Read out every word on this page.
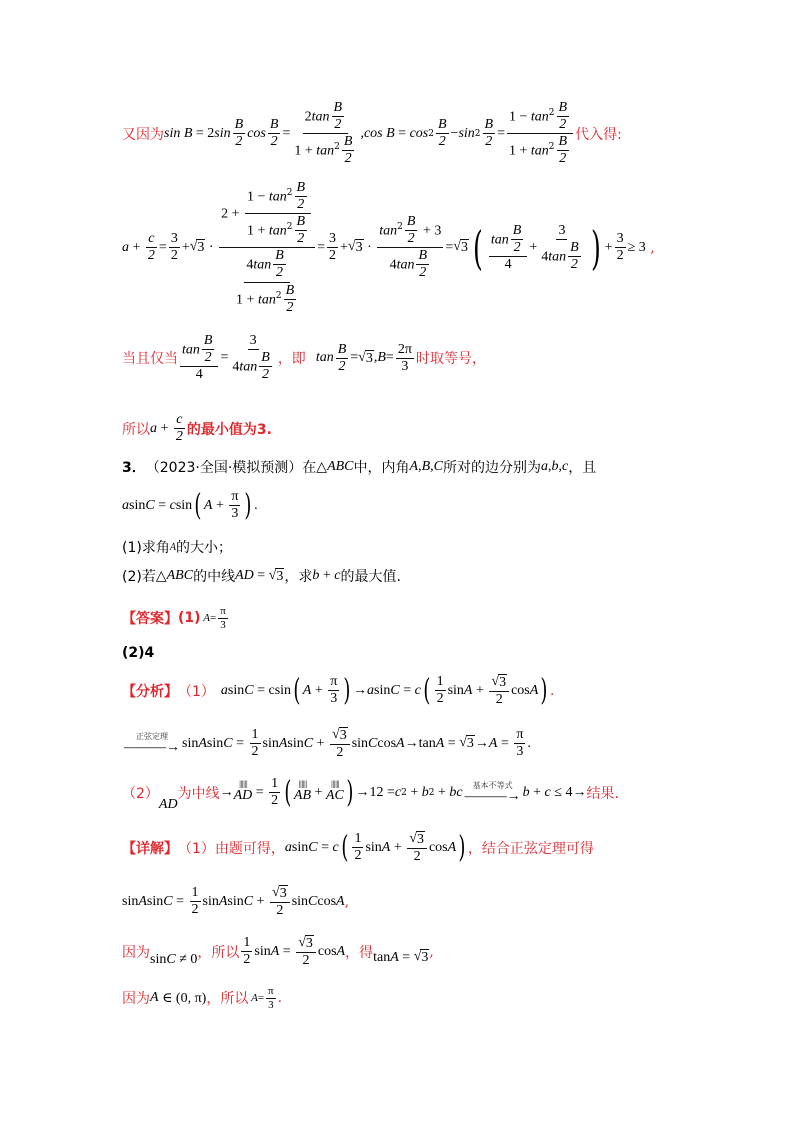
又因为 sin B = 2 $\sin \frac{B}{2}$ $\cos \frac{B}{2} = \frac{2\tan \frac{B}{2}}{1 + \tan^2 \frac{B}{2}}$ , $\cos B = \cos 2 \frac{B}{2} - \sin 2 \frac{B}{2} = \frac{1 - \tan^2 \frac{B}{2}}{1 + \tan^2 \frac{B}{2}}$ 代入得:
$a + \frac{c}{2} = \frac{3}{2}$ + √ $3 \cdot \frac{2 + \frac{1 - \tan^2 \frac{B}{2}}{1 + \tan^2 \frac{B}{2}}}{\frac{4\tan \frac{B}{2}}{1 + \tan^2 \frac{B}{2}}} = \frac{3}{2}$ + √ $3 \cdot \frac{\tan^2 \frac{B}{2} + 3}{4\tan \frac{B}{2}}$ = √ 3 ( $\frac{\tan \frac{B}{2}}{4} + \frac{3}{4\tan \frac{B}{2}}$ ) + $\frac{3}{2} \ge 3$ ,
当且仅当 $\frac{\tan \frac{B}{2}}{4} = \frac{3}{4\tan \frac{B}{2}}$ ，即 $\tan \frac{B}{2}$ = √ 3 , $B = \frac{2\pi}{3}$ 时取等号，
所以 $a + \frac{c}{2}$ 的最小值为3.
3． （2023·全国·模拟预测） 在 △ ABC 中，内角 A , B , C 所对的边分别为 a , b , c ，且
a sin C = c sin ( $A + \frac{\pi}{3}$ ) .
(1)求角 A 的大小；
(2)若 △ ABC 的中线 AD = √ 3 ，求 b + c 的最大值.
【答案】 (1) $A = \frac{\pi}{3}$
(2)4
【分析】 （1） a sin C = c sin ( $A + \frac{\pi}{3}$ ) → a sin C = c ( $\frac{1}{2}$ $\sin A + \frac{√ 3}{2}$ cos A ) .
正弦定理
―――→ sin A $\sin C = \frac{1}{2}$ sin A $\sin C + \frac{√ 3}{2}$ sin C cos A → tan A = √ $3 \to A = \frac{\pi}{3}$ .
（2）
AD
为中线 →
||||||
AD = $\frac{1}{2}$ ( ||||||
AB +
||||||
AC ) →12 = c 2 + b 2 + bc 基本不等式
―――→ b + c ≤ 4→ 结果.
【详解】 （1）由题可得， a sin C = c ( $\frac{1}{2}$ $\sin A + \frac{√ 3}{2}$ cos A ) ，结合正弦定理可得
sin A $\sin C = \frac{1}{2}$ sin A $\sin C + \frac{√ 3}{2}$ sin C cos A ,
因为 sin C ≠ 0 ，所以 $\frac{1}{2}$ $\sin A = \frac{√ 3}{2}$ cos A ，得 tan A = √ 3 ,
因为 A ∈ (0, π) ，所以 $A = \frac{\pi}{3}$ .
